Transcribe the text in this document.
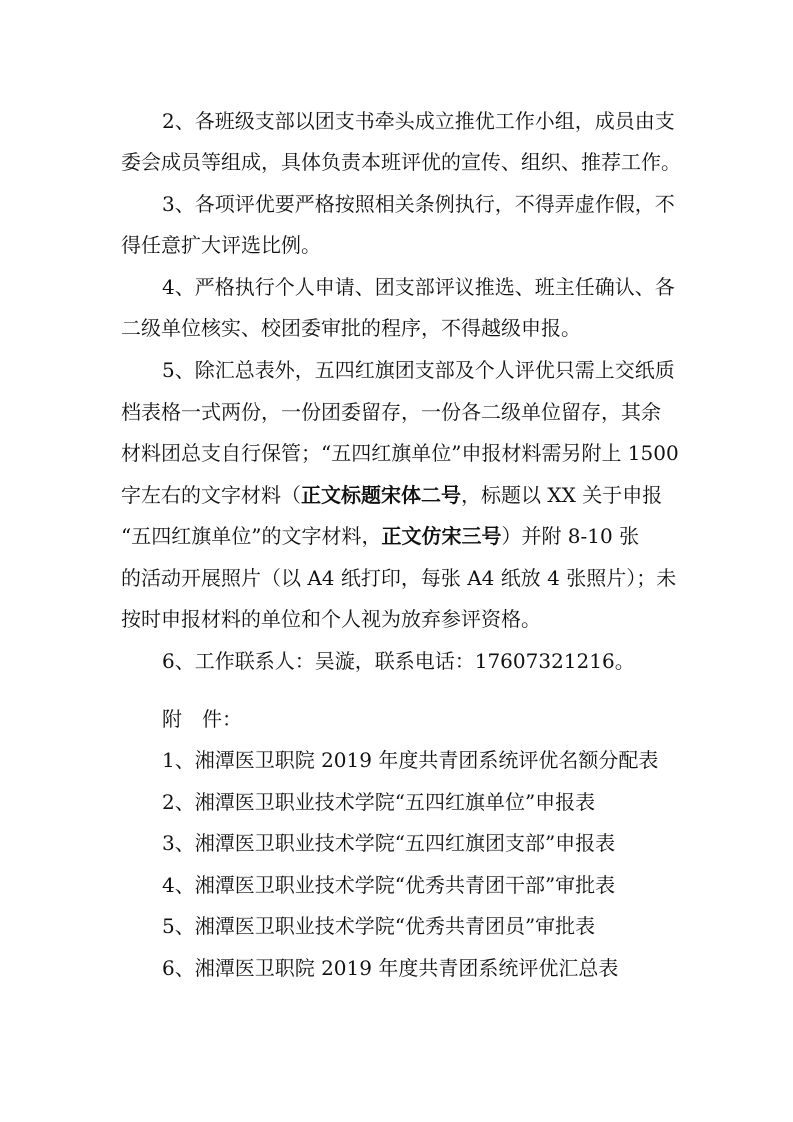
2、各班级支部以团支书牵头成立推优工作小组，成员由支
委会成员等组成，具体负责本班评优的宣传、组织、推荐工作。
3、各项评优要严格按照相关条例执行，不得弄虚作假，不
得任意扩大评选比例。
4、严格执行个人申请、团支部评议推选、班主任确认、各
二级单位核实、校团委审批的程序，不得越级申报。
5、除汇总表外，五四红旗团支部及个人评优只需上交纸质
档表格一式两份，一份团委留存，一份各二级单位留存，其余
材料团总支自行保管；“五四红旗单位”申报材料需另附上 1500
字左右的文字材料（正文标题宋体二号，标题以 XX 关于申报
“五四红旗单位”的文字材料，正文仿宋三号）并附 8-10 张
的活动开展照片（以 A4 纸打印，每张 A4 纸放 4 张照片）；未
按时申报材料的单位和个人视为放弃参评资格。
6、工作联系人：吴漩，联系电话：17607321216。
附　件：
1、湘潭医卫职院 2019 年度共青团系统评优名额分配表
2、湘潭医卫职业技术学院“五四红旗单位”申报表
3、湘潭医卫职业技术学院“五四红旗团支部”申报表
4、湘潭医卫职业技术学院“优秀共青团干部”审批表
5、湘潭医卫职业技术学院“优秀共青团员”审批表
6、湘潭医卫职院 2019 年度共青团系统评优汇总表
